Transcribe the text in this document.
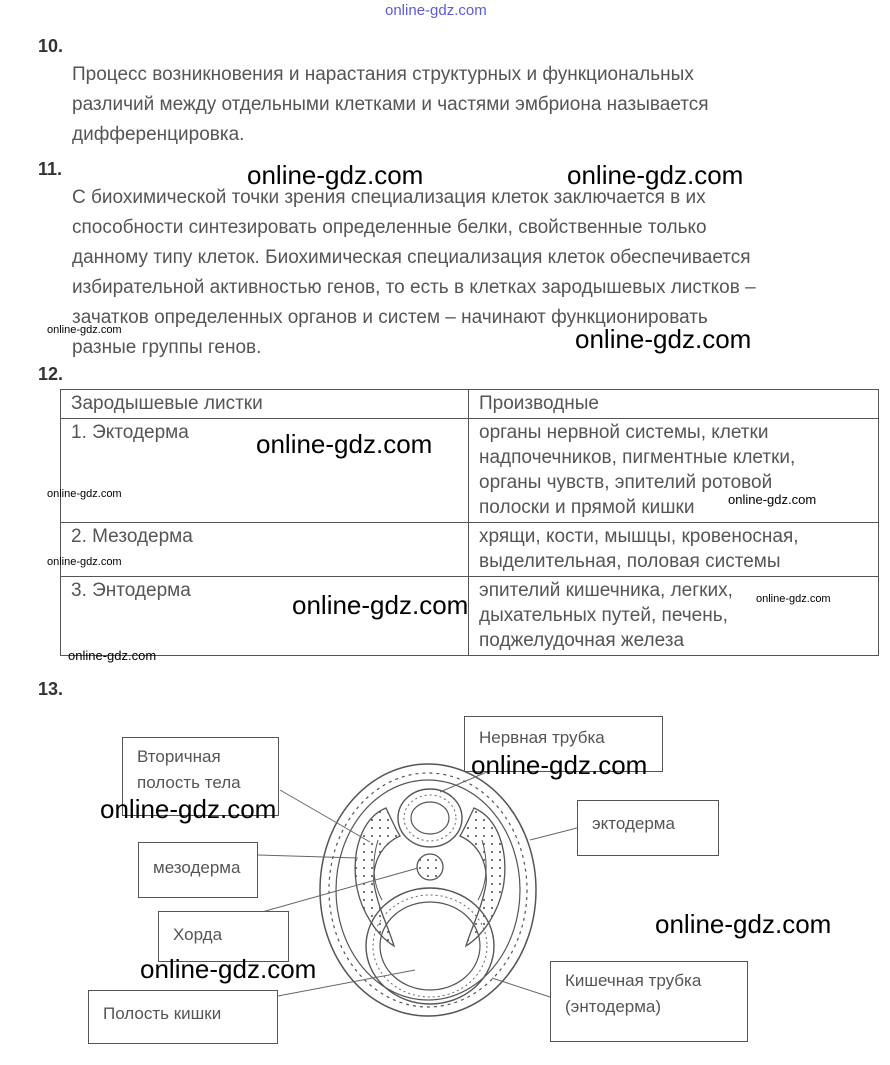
online-gdz.com
10.
Процесс возникновения и нарастания структурных и функциональных
различий между отдельными клетками и частями эмбриона называется
дифференцировка.
11.
С биохимической точки зрения специализация клеток заключается в их
способности синтезировать определенные белки, свойственные только
данному типу клеток. Биохимическая специализация клеток обеспечивается
избирательной активностью генов, то есть в клетках зародышевых листков –
зачатков определенных органов и систем – начинают функционировать
разные группы генов.
12.
Зародышевые листки	Производные
1. Эктодерма	органы нервной системы, клетки
надпочечников, пигментные клетки,
органы чувств, эпителий ротовой
полоски и прямой кишки

2. Мезодерма	хрящи, кости, мышцы, кровеносная,
выделительная, половая системы

3. Энтодерма	эпителий кишечника, легких,
дыхательных путей, печень,
поджелудочная железа
13.
Вторичная
полость тела
мезодерма
Хорда
Полость кишки
Нервная трубка
эктодерма
Кишечная трубка
(энтодерма)
online-gdz.com	online-gdz.com
online-gdz.com	online-gdz.com
online-gdz.com
online-gdz.com	online-gdz.com
online-gdz.com
online-gdz.com	online-gdz.com
online-gdz.com
online-gdz.com
online-gdz.com
online-gdz.com
online-gdz.com
